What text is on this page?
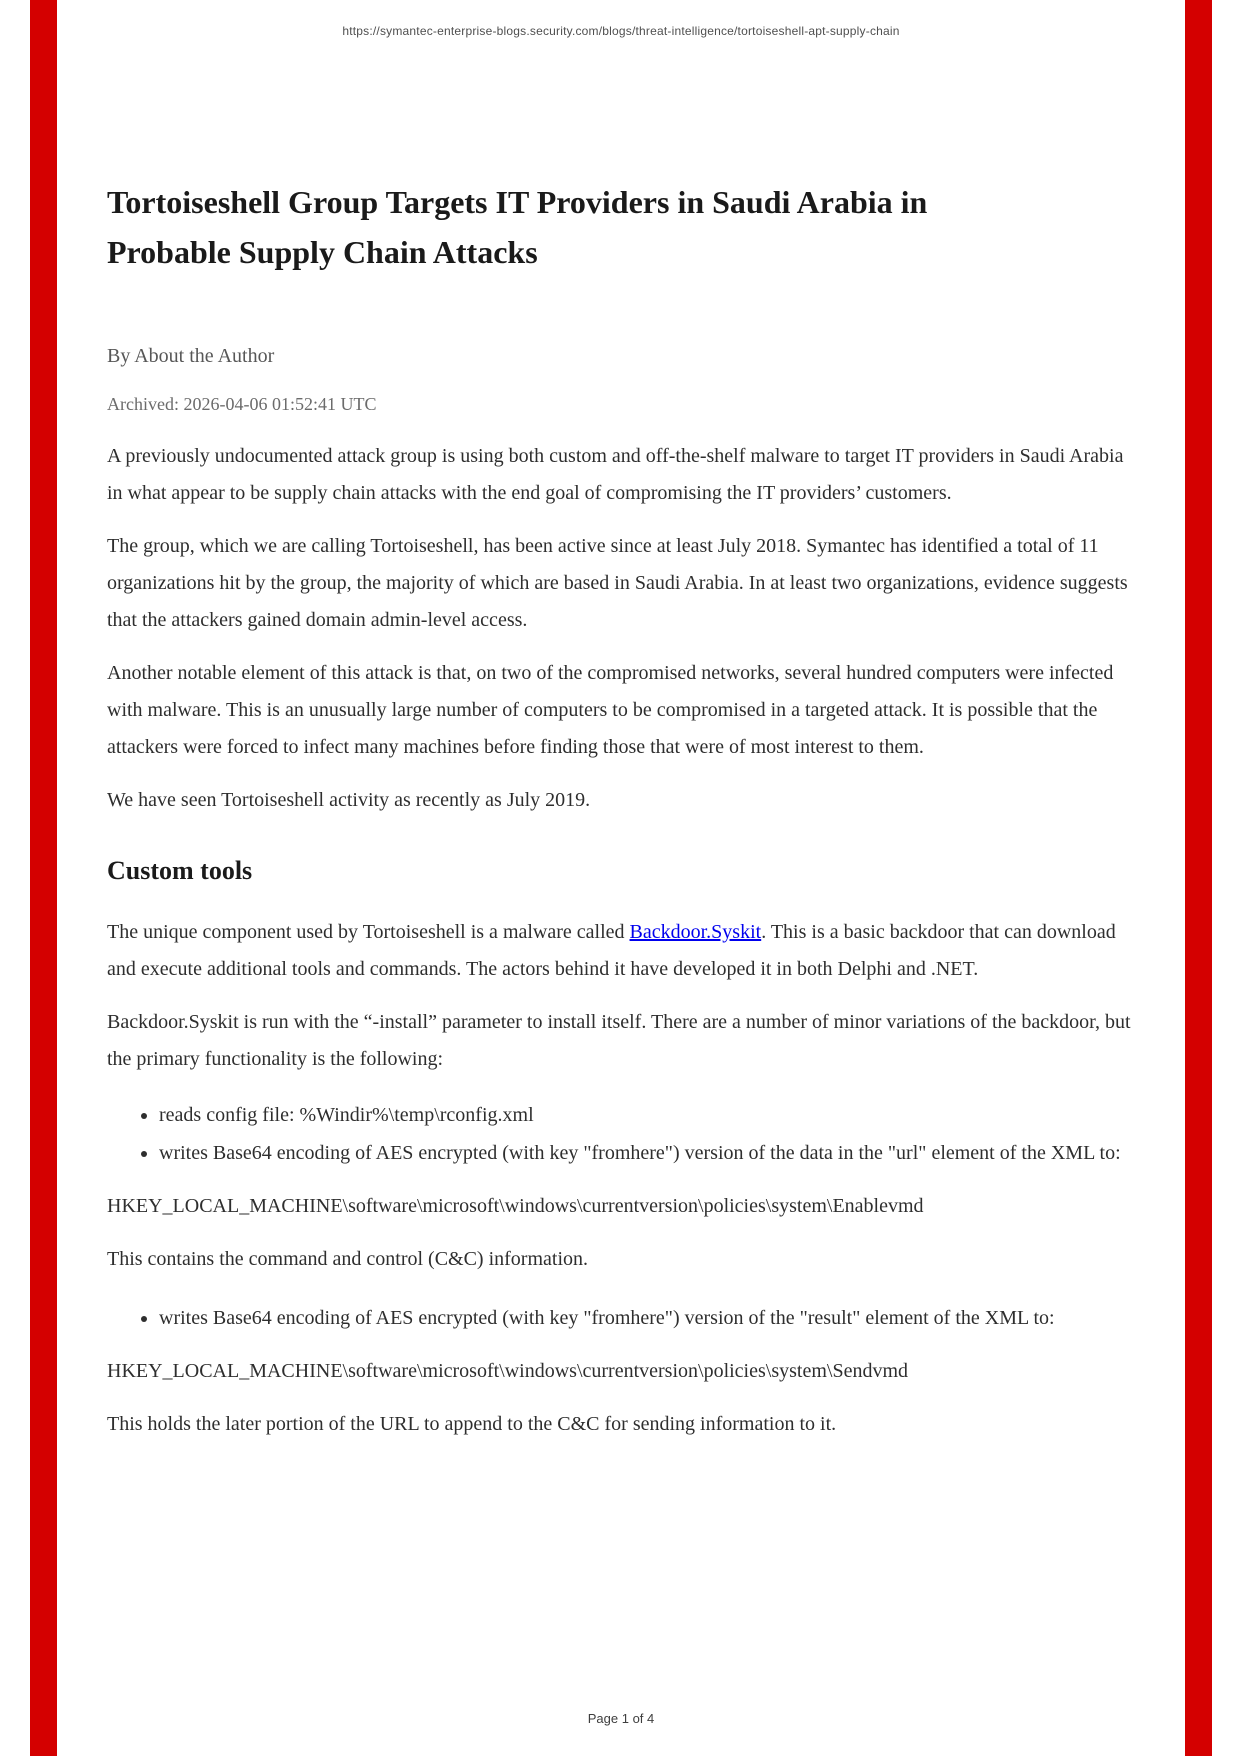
https://symantec-enterprise-blogs.security.com/blogs/threat-intelligence/tortoiseshell-apt-supply-chain
Tortoiseshell Group Targets IT Providers in Saudi Arabia in Probable Supply Chain Attacks
By About the Author
Archived: 2026-04-06 01:52:41 UTC

A previously undocumented attack group is using both custom and off-the-shelf malware to target IT providers in Saudi Arabia in what appear to be supply chain attacks with the end goal of compromising the IT providers’ customers.

The group, which we are calling Tortoiseshell, has been active since at least July 2018. Symantec has identified a total of 11 organizations hit by the group, the majority of which are based in Saudi Arabia. In at least two organizations, evidence suggests that the attackers gained domain admin-level access.

Another notable element of this attack is that, on two of the compromised networks, several hundred computers were infected with malware. This is an unusually large number of computers to be compromised in a targeted attack. It is possible that the attackers were forced to infect many machines before finding those that were of most interest to them.

We have seen Tortoiseshell activity as recently as July 2019.

Custom tools

The unique component used by Tortoiseshell is a malware called Backdoor.Syskit. This is a basic backdoor that can download and execute additional tools and commands. The actors behind it have developed it in both Delphi and .NET.

Backdoor.Syskit is run with the “-install” parameter to install itself. There are a number of minor variations of the backdoor, but the primary functionality is the following:

• reads config file: %Windir%\temp\rconfig.xml
• writes Base64 encoding of AES encrypted (with key "fromhere") version of the data in the "url" element of the XML to:

HKEY_LOCAL_MACHINE\software\microsoft\windows\currentversion\policies\system\Enablevmd

This contains the command and control (C&C) information.

• writes Base64 encoding of AES encrypted (with key "fromhere") version of the "result" element of the XML to:

HKEY_LOCAL_MACHINE\software\microsoft\windows\currentversion\policies\system\Sendvmd

This holds the later portion of the URL to append to the C&C for sending information to it.

Page 1 of 4
